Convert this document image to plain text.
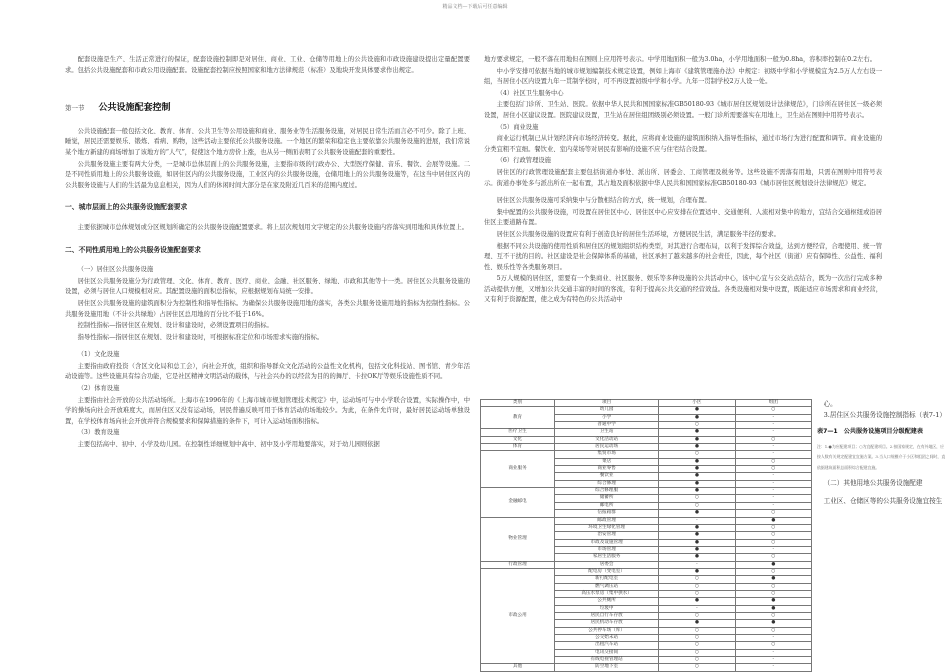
精品文档—下载后可任意编辑

配套设施是生产、生活正常进行的保证，配套设施控制即是对居住、商业、工业、仓储等用地上的公共设施和市政设施建设提出定量配置要求。包括公共设施配套和市政公用设施配套。设施配套控制应按照国家和地方法律规范（标准）及地块开发具体要求作出规定。

第一节 公共设施配套控制

公共设施配套一般包括文化、教育、体育、公共卫生等公用设施和商业、服务业等生活服务设施，对居民日常生活而言必不可少。除了上班、睡觉，居民还需要娱乐、锻炼、看病、购物，这些活动主要依托公共服务设施。一个地区的繁荣和稳定也主要依靠公共服务设施的进展，我们常说某个地方新建的商场增加了该地方的“人气”，促使这个地方房价上涨，也从另一侧面表明了公共服务设施配套的重要性。

公共服务设施主要有两大分类，一是城市总体层面上的公共服务设施，主要指市级的行政办公、大型医疗保健、音乐、餐饮、会展等设施。二是不同性质用地上的公共服务设施，如居住区内的公共服务设施，工业区内的公共服务设施，仓储用地上的公共服务设施等，在这当中居住区内的公共服务设施与人们的生活最为息息相关，因为人们的休闲时间大部分是在家及附近几百米的范围内度过。

一、城市层面上的公共服务设施配套要求

主要依据城市总体规划或分区规划所确定的公共服务设施配置要求。将上层次规划用文字规定的公共服务设施内容落实到用地和具体位置上。

二、不同性质用地上的公共服务设施配套要求

（一）居住区公共服务设施

居住区公共服务设施分为行政管理、文化、体育、教育、医疗、商业、金融、社区服务、绿地、市政和其他等十一类。居住区公共服务设施的设置，必须与居住人口规模相对应。其配置设施的面积总指标，应根据规划布局统一安排。

居住区公共服务设施的建筑面积分为控制性和指导性指标。为确保公共服务设施用地的落实，各类公共服务设施用地的指标为控制性指标。公共服务设施用地（不计公共绿地）占居住区总用地的百分比不低于16%。

控制性指标—指居住区在规划、设计和建设时，必须设置项目的指标。

指导性指标—指居住区在规划、设计和建设时，可根据标准定位和市场需求实施的指标。

（1）文化设施

主要指由政府投资（含区文化局和总工会），向社会开放，组织和指导群众文化活动的公益性文化机构，包括文化科技站、图书馆、青少年活动设施等。这些设施具有综合功能，它是社区精神文明活动的载体，与社会兴办的以经营为目的的舞厅、卡拉OK厅等娱乐设施性质不同。

（2）体育设施

主要指由社会开放的公共活动场所。上海市在1996年的《上海市城市规划管理技术规定》中，运动场可与中小学联合设置，实际操作中，中学的操场向社会开放难度大，而居住区又没有运动场，居民普遍反映可用于体育活动的场地较少。为此，在条件允许时，最好居民运动场单独设置，在学校体育场向社会开放并符合规模要求和保障措施的条件下，可计入运动场面积指标。

（3）教育设施

主要包括高中、初中、小学及幼儿园。在控制性详细规划中高中、初中及小学用地要落实，对于幼儿园则依据

地方要求规定，一般不落在用地但在图则上应用符号表示。中学用地面积一般为3.0ha，小学用地面积一般为0.8ha，容积率控制在0.2左右。

中小学安排可依据当地的城市规划编制技术规定设置，例如上海市《建筑管理施办法》中规定：初级中学和小学规模宜为2.5万人左右设一组，当居住小区内设置九年一贯制学校时，可不再设置初级中学和小学。九年一贯制学校2万人设一处。

（4）社区卫生服务中心

主要包括门诊所、卫生站、医院。依据中华人民共和国国家标准GB50180-93《城市居住区规划设计法律规范》，门诊所在居住区一级必须设置，居住小区建议设置。医院建议设置，卫生站在居住组团级别必须设置。一般门诊所需要落实在用地上，卫生站在图则中用符号表示。

（5）商业设施

商业运行机制已从计划经济向市场经济转变。据此，应将商业设施的建筑面积纳入指导性指标，通过市场行为进行配置和调节。商业设施的分类宜粗不宜细。餐饮业、室内菜场等对居民有影响的设施不应与住宅结合设置。

（6）行政管理设施

居住区的行政管理设施配套主要包括街道办事处、派出所、居委会、工商管理及税务等。这些设施不需落有用地，只需在图则中用符号表示。街道办事处多与派出所在一起布置，其占地及面积依据中华人民共和国国家标准GB50180-93《城市居住区规划设计法律规范》规定。

居住区公共服务设施可采纳集中与分散相结合的方式，统一规划，合理布置。

集中配置的公共服务设施，可设置在居住区中心、居住区中心应安排在位置适中、交通便利、人流相对集中的地方，宜结合交通枢纽或沿居住区主要道路布置。

居住区公共服务设施的设置应有利于创造良好的居住生活环境，方便居民生活，满足服务半径的要求。

根据不同公共设施的使用性质和居住区的规划组织结构类型，对其进行合理布局，以利于发挥综合效益，达到方便经营，合理使用、统一管理、互不干扰的目的。社区建设是社会保障体系的基础，社区承担了越来越多的社会责任，因此，每个社区（街道）应有保障性、公益性、福利性、娱乐性等各类服务项目。

5万人规模的居住区，需要有一个集商业、社区服务、娱乐等多种设施的公共活动中心，该中心宜与公交站点结合，既为一次出行完成多种活动提供方便，又增加公共交通丰富的时间的客流，有利于提高公共交通的经营效益。各类设施相对集中设置，既能适应市场需求和商业经营，又有利于资源配置，使之成为有特色的公共活动中

类别	项目	小区	组团
教育	幼儿园	●	○
	小学	●	-
	普通中学	○	-
医疗卫生	卫生站	●	-
文化	文化活动站	●	○
体育	居民运动场	●	-
商业服务	集贸市场	○	-
	菜店	●	○
	商业零售	●	○
	餐饮业	●	-
	综合修理	●	-
金融邮电	综合修理服	●	-
	储蓄所	○	-
	邮电所	○	-
	信报箱群	●	○
物业管理	邮政管理	-	●
	环境卫生绿化管理	●	○
	治安管理	●	○
	市政及设施管理	●	○
	市场管理	●	-
	家居生活服务	●	○
行政管理	居委会	-	●
市政公用	配电房（变电室）	●	○
	新打配电室	○	●
	燃气调压站	○	○
	高压水泵房（集中供水）	○	○
	公共厕所	●	●
	垃圾中	-	●
	居民自行车存放	○	○
	居民机动车存放	●	●
	公共停车场（库）	○	○
	公交始末站	○	-
	出租汽车站	○	○
	电讯交接间	○	-
	有线电视管理站	○	-
其他	防空地下室	○	-

心。

3.居住区公共服务设施控制指标（表7-1）

表7—1　公共服务设施项目分级配建表

注：1.●为应配建项目；○为宜配建项目。2.按国家规定，在有外地区，应按人数有关规定配建宜宜施方案。3.当人口规模介于小区和组团之间时，直依据建筑面积总面积综合配建宜施。

（二）其他用地公共服务设施配建

工业区、仓储区等的公共服务设施宜按生
